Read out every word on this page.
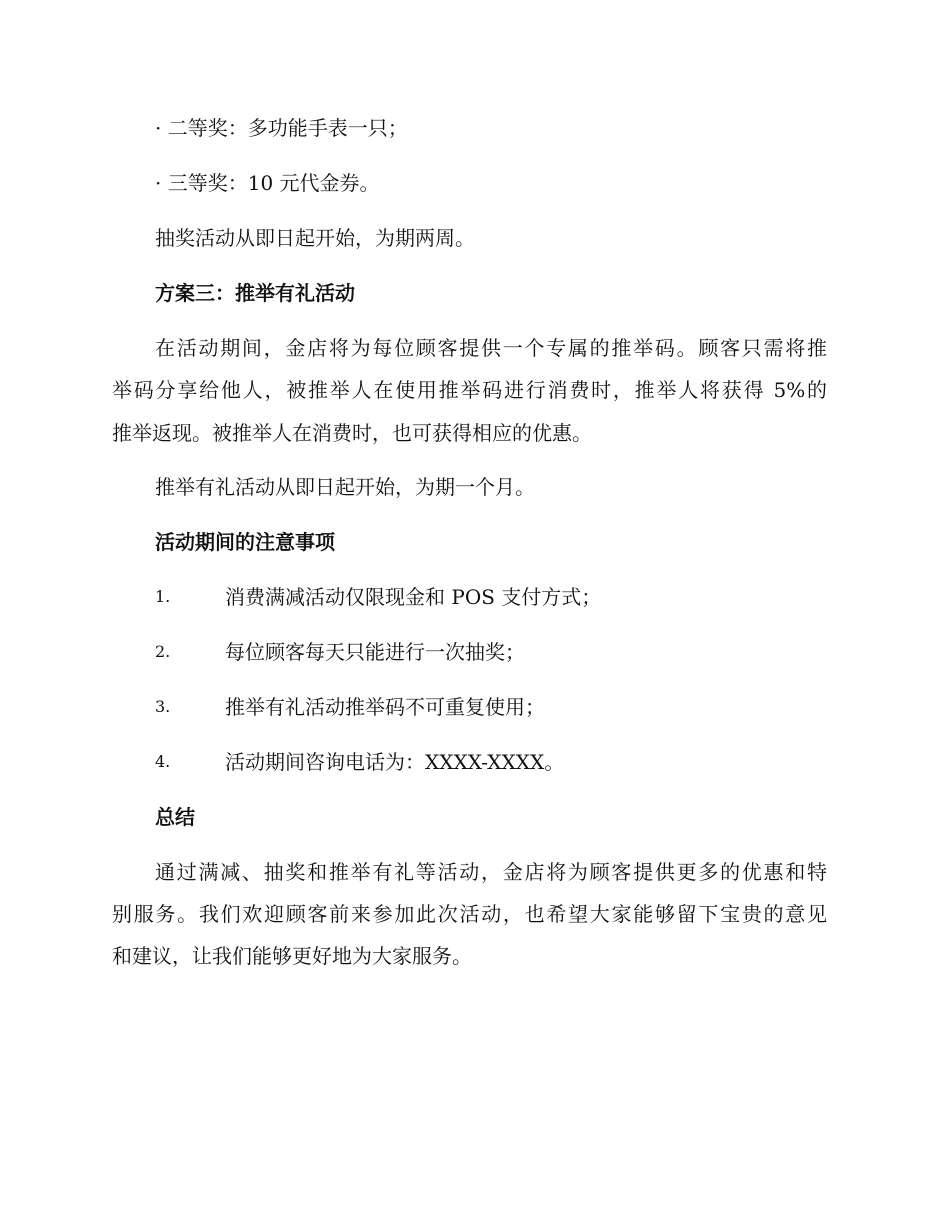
· 二等奖：多功能手表一只；
· 三等奖：10 元代金券。
抽奖活动从即日起开始，为期两周。
方案三：推举有礼活动
在活动期间，金店将为每位顾客提供一个专属的推举码。顾客只需将推
举码分享给他人，被推举人在使用推举码进行消费时，推举人将获得 5%的
推举返现。被推举人在消费时，也可获得相应的优惠。
推举有礼活动从即日起开始，为期一个月。
活动期间的注意事项
1.	消费满减活动仅限现金和 POS 支付方式；
2.	每位顾客每天只能进行一次抽奖；
3.	推举有礼活动推举码不可重复使用；
4.	活动期间咨询电话为：XXXX-XXXX。
总结
通过满减、抽奖和推举有礼等活动，金店将为顾客提供更多的优惠和特
别服务。我们欢迎顾客前来参加此次活动，也希望大家能够留下宝贵的意见
和建议，让我们能够更好地为大家服务。
